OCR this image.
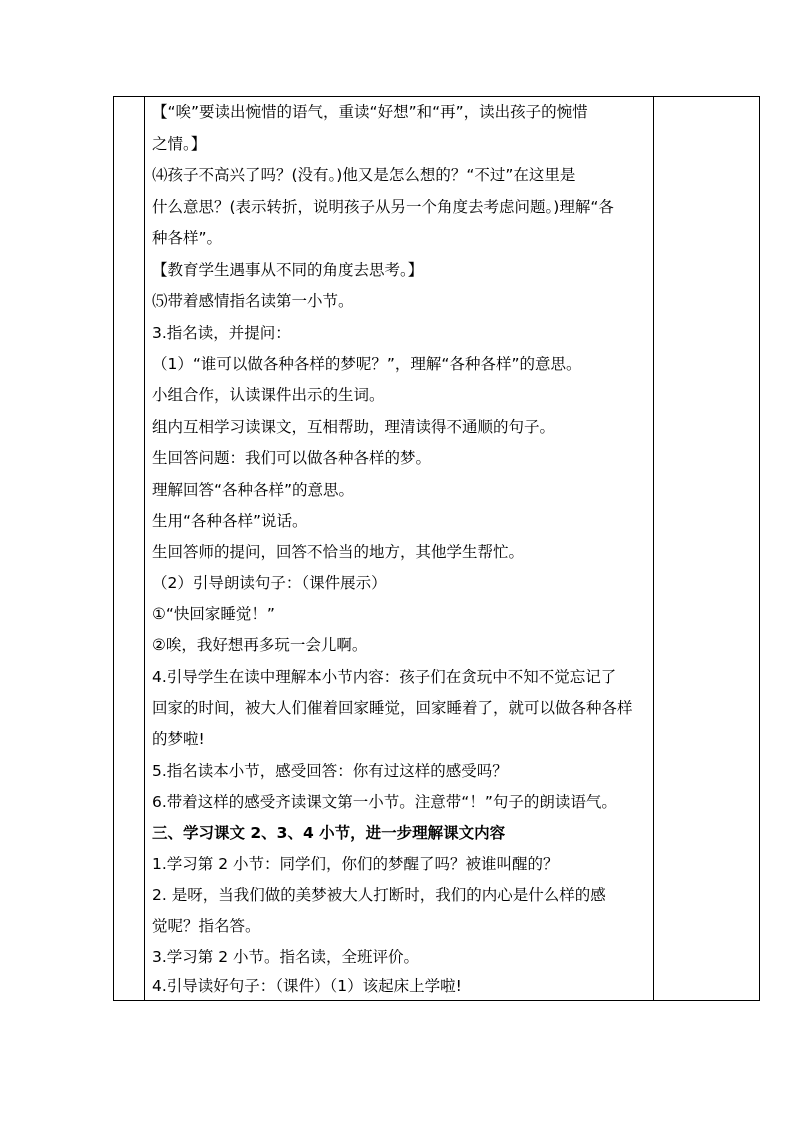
【“唉”要读出惋惜的语气，重读“好想”和“再”，读出孩子的惋惜
之情。】
⑷孩子不高兴了吗？(没有。)他又是怎么想的？“不过”在这里是
什么意思？(表示转折，说明孩子从另一个角度去考虑问题。)理解“各
种各样”。
【教育学生遇事从不同的角度去思考。】
⑸带着感情指名读第一小节。
3.指名读，并提问：
（1）“谁可以做各种各样的梦呢？”，理解“各种各样”的意思。
小组合作，认读课件出示的生词。
组内互相学习读课文，互相帮助，理清读得不通顺的句子。
生回答问题：我们可以做各种各样的梦。
理解回答“各种各样”的意思。
生用“各种各样”说话。
生回答师的提问，回答不恰当的地方，其他学生帮忙。
（2）引导朗读句子：（课件展示）
①“快回家睡觉！”
②唉，我好想再多玩一会儿啊。
4.引导学生在读中理解本小节内容：孩子们在贪玩中不知不觉忘记了
回家的时间，被大人们催着回家睡觉，回家睡着了，就可以做各种各样
的梦啦!
5.指名读本小节，感受回答：你有过这样的感受吗？
6.带着这样的感受齐读课文第一小节。注意带“！”句子的朗读语气。
三、学习课文 2、3、4 小节，进一步理解课文内容
1.学习第 2 小节：同学们，你们的梦醒了吗？被谁叫醒的？
2. 是呀，当我们做的美梦被大人打断时，我们的内心是什么样的感
觉呢？指名答。
3.学习第 2 小节。指名读，全班评价。
4.引导读好句子：（课件）（1）该起床上学啦!
